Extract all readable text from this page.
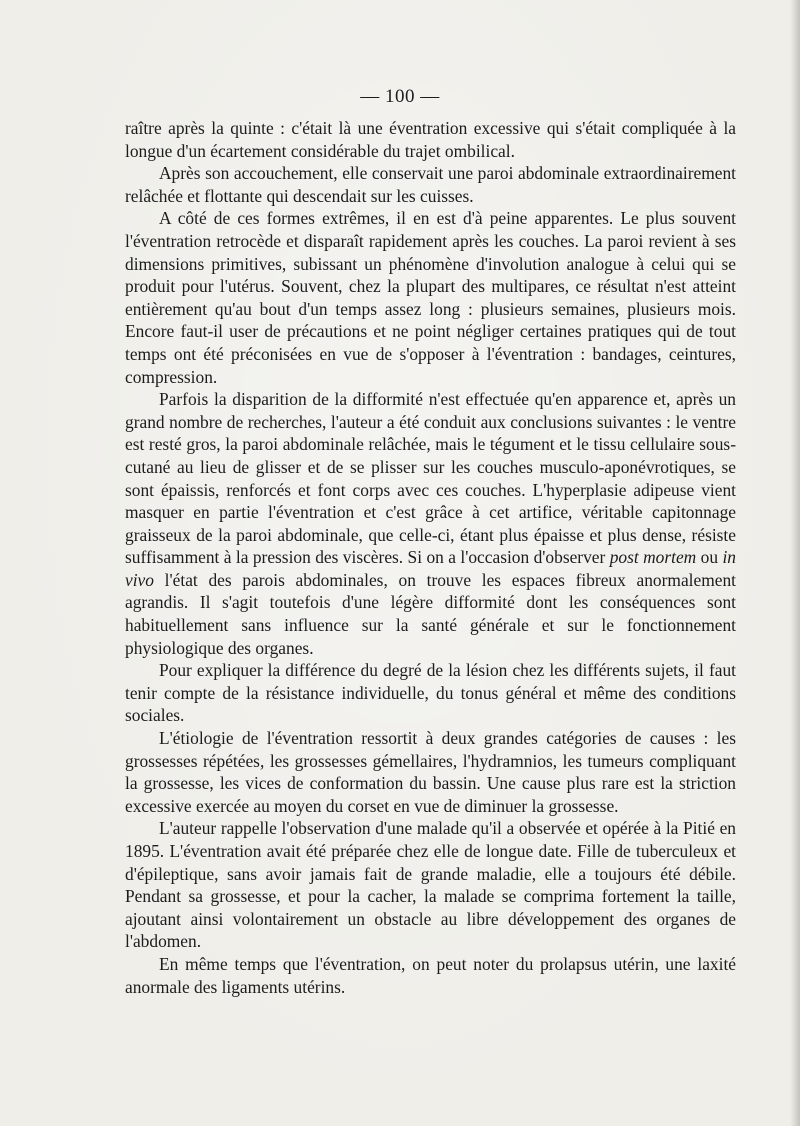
— 100 —

raître après la quinte : c'était là une éventration excessive qui s'était compliquée à la longue d'un écartement considérable du trajet ombilical.

Après son accouchement, elle conservait une paroi abdominale extraordinairement relâchée et flottante qui descendait sur les cuisses.

A côté de ces formes extrêmes, il en est d'à peine apparentes. Le plus souvent l'éventration retrocède et disparaît rapidement après les couches. La paroi revient à ses dimensions primitives, subissant un phénomène d'involution analogue à celui qui se produit pour l'utérus. Souvent, chez la plupart des multipares, ce résultat n'est atteint entièrement qu'au bout d'un temps assez long : plusieurs semaines, plusieurs mois. Encore faut-il user de précautions et ne point négliger certaines pratiques qui de tout temps ont été préconisées en vue de s'opposer à l'éventration : bandages, ceintures, compression.

Parfois la disparition de la difformité n'est effectuée qu'en apparence et, après un grand nombre de recherches, l'auteur a été conduit aux conclusions suivantes : le ventre est resté gros, la paroi abdominale relâchée, mais le tégument et le tissu cellulaire sous-cutané au lieu de glisser et de se plisser sur les couches musculo-aponévrotiques, se sont épaissis, renforcés et font corps avec ces couches. L'hyperplasie adipeuse vient masquer en partie l'éventration et c'est grâce à cet artifice, véritable capitonnage graisseux de la paroi abdominale, que celle-ci, étant plus épaisse et plus dense, résiste suffisamment à la pression des viscères. Si on a l'occasion d'observer post mortem ou in vivo l'état des parois abdominales, on trouve les espaces fibreux anormalement agrandis. Il s'agit toutefois d'une légère difformité dont les conséquences sont habituellement sans influence sur la santé générale et sur le fonctionnement physiologique des organes.

Pour expliquer la différence du degré de la lésion chez les différents sujets, il faut tenir compte de la résistance individuelle, du tonus général et même des conditions sociales.

L'étiologie de l'éventration ressortit à deux grandes catégories de causes : les grossesses répétées, les grossesses gémellaires, l'hydramnios, les tumeurs compliquant la grossesse, les vices de conformation du bassin. Une cause plus rare est la striction excessive exercée au moyen du corset en vue de diminuer la grossesse.

L'auteur rappelle l'observation d'une malade qu'il a observée et opérée à la Pitié en 1895. L'éventration avait été préparée chez elle de longue date. Fille de tuberculeux et d'épileptique, sans avoir jamais fait de grande maladie, elle a toujours été débile. Pendant sa grossesse, et pour la cacher, la malade se comprima fortement la taille, ajoutant ainsi volontairement un obstacle au libre développement des organes de l'abdomen.

En même temps que l'éventration, on peut noter du prolapsus utérin, une laxité anormale des ligaments utérins.
